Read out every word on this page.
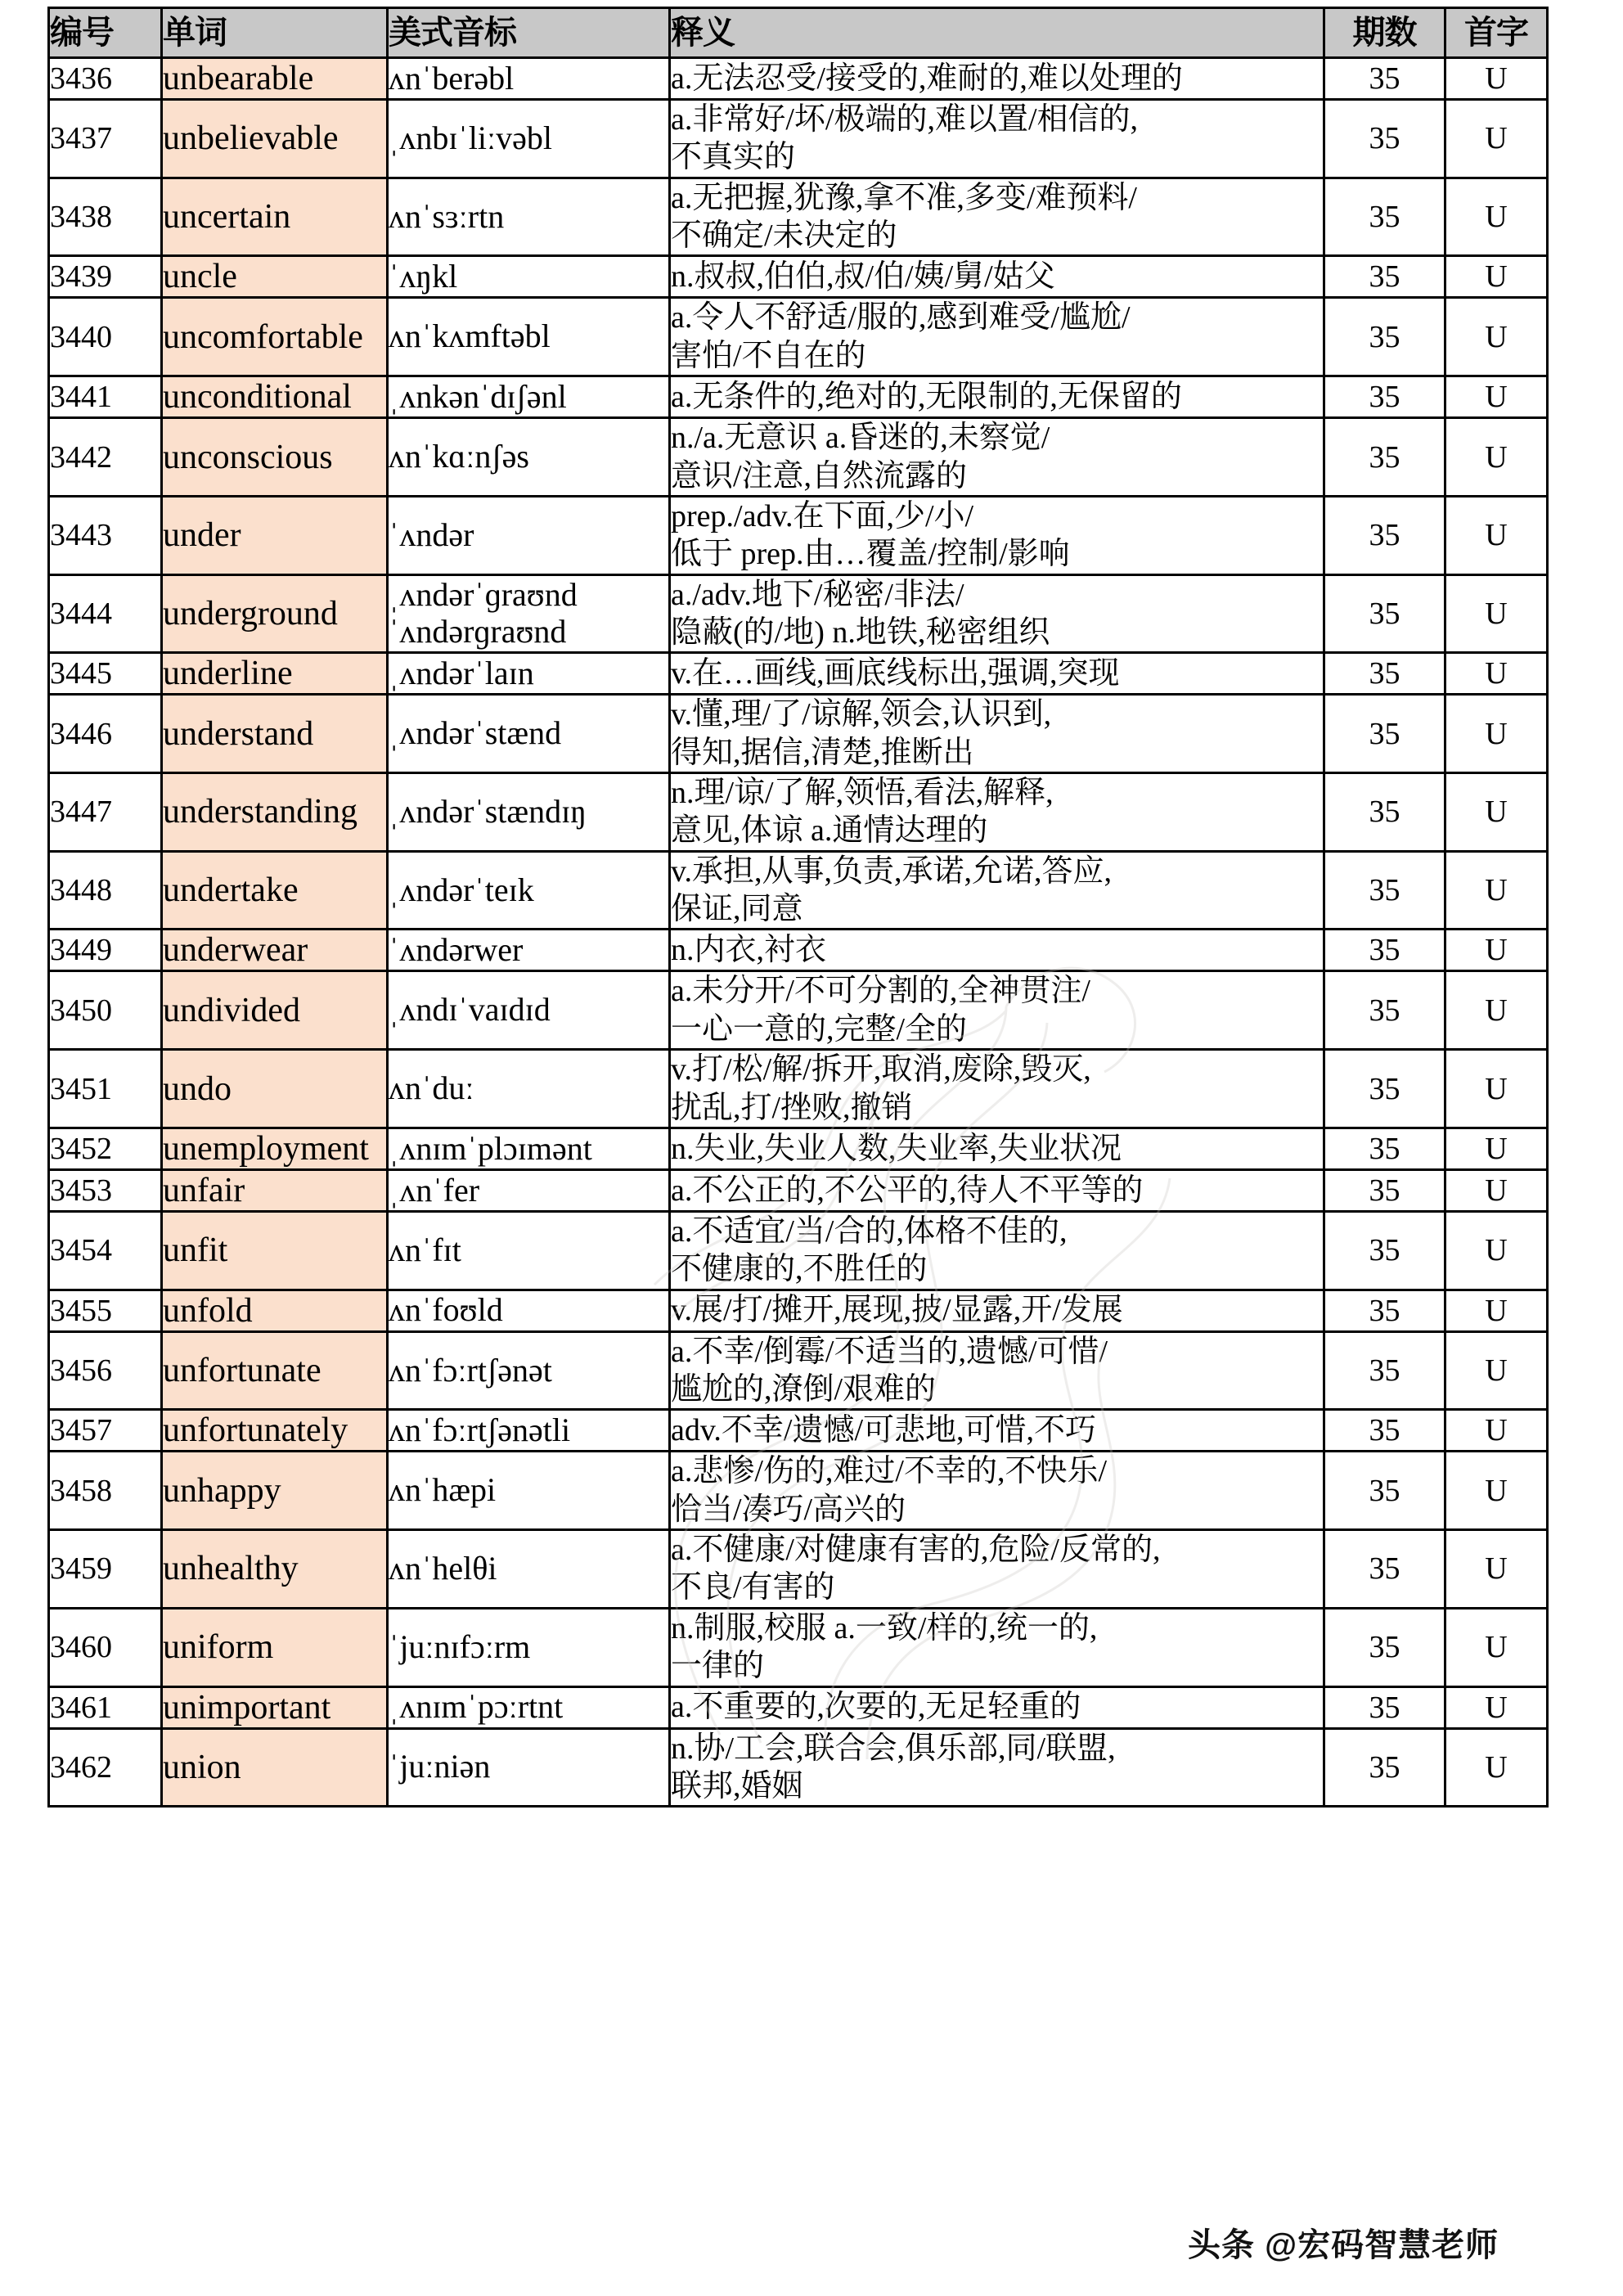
编号	单词	美式音标	释义	期数	首字
3436	unbearable	ʌnˈberəbl	a.无法忍受/接受的,难耐的,难以处理的	35	U
3437	unbelievable	ˌʌnbɪˈliːvəbl	a.非常好/坏/极端的,难以置/相信的,
不真实的	35	U
3438	uncertain	ʌnˈsɜːrtn	a.无把握,犹豫,拿不准,多变/难预料/
不确定/未决定的	35	U
3439	uncle	ˈʌŋkl	n.叔叔,伯伯,叔/伯/姨/舅/姑父	35	U
3440	uncomfortable	ʌnˈkʌmftəbl	a.令人不舒适/服的,感到难受/尴尬/
害怕/不自在的	35	U
3441	unconditional	ˌʌnkənˈdɪʃənl	a.无条件的,绝对的,无限制的,无保留的	35	U
3442	unconscious	ʌnˈkɑːnʃəs	n./a.无意识 a.昏迷的,未察觉/
意识/注意,自然流露的	35	U
3443	under	ˈʌndər	prep./adv.在下面,少/小/
低于 prep.由…覆盖/控制/影响	35	U
3444	underground	ˌʌndərˈɡraʊnd
ˈʌndərɡraʊnd	a./adv.地下/秘密/非法/
隐蔽(的/地) n.地铁,秘密组织	35	U
3445	underline	ˌʌndərˈlaɪn	v.在…画线,画底线标出,强调,突现	35	U
3446	understand	ˌʌndərˈstænd	v.懂,理/了/谅解,领会,认识到,
得知,据信,清楚,推断出	35	U
3447	understanding	ˌʌndərˈstændɪŋ	n.理/谅/了解,领悟,看法,解释,
意见,体谅 a.通情达理的	35	U
3448	undertake	ˌʌndərˈteɪk	v.承担,从事,负责,承诺,允诺,答应,
保证,同意	35	U
3449	underwear	ˈʌndərwer	n.内衣,衬衣	35	U
3450	undivided	ˌʌndɪˈvaɪdɪd	a.未分开/不可分割的,全神贯注/
一心一意的,完整/全的	35	U
3451	undo	ʌnˈduː	v.打/松/解/拆开,取消,废除,毁灭,
扰乱,打/挫败,撤销	35	U
3452	unemployment	ˌʌnɪmˈplɔɪmənt	n.失业,失业人数,失业率,失业状况	35	U
3453	unfair	ˌʌnˈfer	a.不公正的,不公平的,待人不平等的	35	U
3454	unfit	ʌnˈfɪt	a.不适宜/当/合的,体格不佳的,
不健康的,不胜任的	35	U
3455	unfold	ʌnˈfoʊld	v.展/打/摊开,展现,披/显露,开/发展	35	U
3456	unfortunate	ʌnˈfɔːrtʃənət	a.不幸/倒霉/不适当的,遗憾/可惜/
尴尬的,潦倒/艰难的	35	U
3457	unfortunately	ʌnˈfɔːrtʃənətli	adv.不幸/遗憾/可悲地,可惜,不巧	35	U
3458	unhappy	ʌnˈhæpi	a.悲惨/伤的,难过/不幸的,不快乐/
恰当/凑巧/高兴的	35	U
3459	unhealthy	ʌnˈhelθi	a.不健康/对健康有害的,危险/反常的,
不良/有害的	35	U
3460	uniform	ˈjuːnɪfɔːrm	n.制服,校服 a.一致/样的,统一的,
一律的	35	U
3461	unimportant	ˌʌnɪmˈpɔːrtnt	a.不重要的,次要的,无足轻重的	35	U
3462	union	ˈjuːniən	n.协/工会,联合会,俱乐部,同/联盟,
联邦,婚姻	35	U
头条 @宏码智慧老师
